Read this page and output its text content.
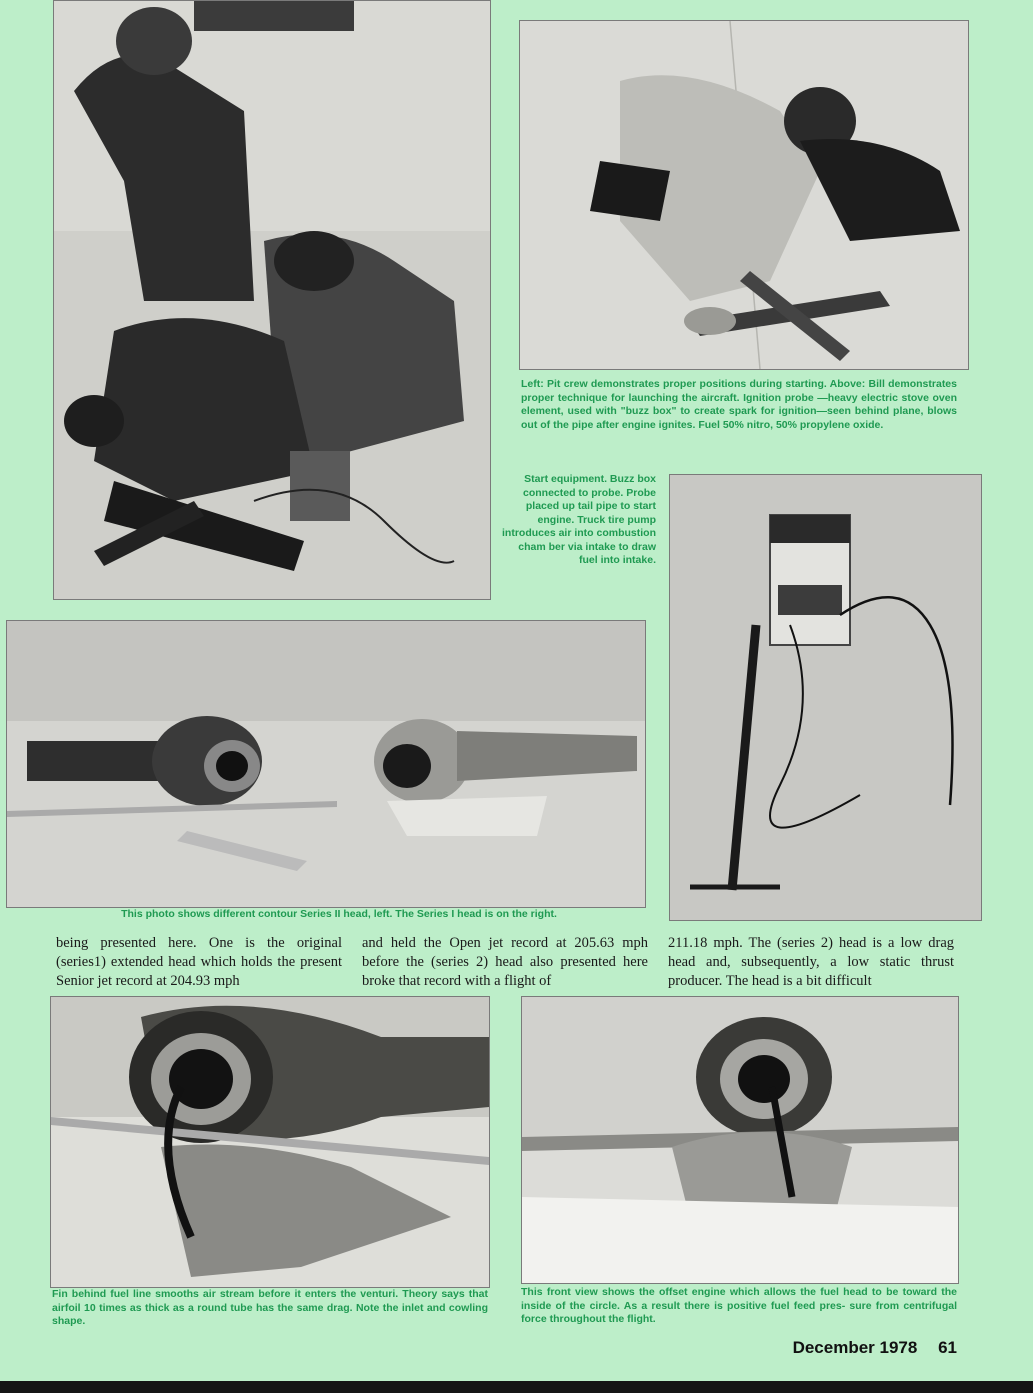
Left: Pit crew demonstrates proper positions during starting. Above: Bill demonstrates proper technique for launching the aircraft. Ignition probe —heavy electric stove oven element, used with "buzz box" to create spark for ignition—seen behind plane, blows out of the pipe after engine ignites. Fuel 50% nitro, 50% propylene oxide.

Start equipment. Buzz box connected to probe. Probe placed up tail pipe to start engine. Truck tire pump introduces air into combustion cham ber via intake to draw fuel into intake.

This photo shows different contour Series II head, left. The Series I head is on the right.

being presented here. One is the original (series1) extended head which holds the present Senior jet record at 204.93 mph

and held the Open jet record at 205.63 mph before the (series 2) head also presented here broke that record with a flight of

211.18 mph. The (series 2) head is a low drag head and, subsequently, a low static thrust producer. The head is a bit difficult

Fin behind fuel line smooths air stream before it enters the venturi. Theory says that airfoil 10 times as thick as a round tube has the same drag. Note the inlet and cowling shape.

This front view shows the offset engine which allows the fuel head to be toward the inside of the circle. As a result there is positive fuel feed pres- sure from centrifugal force throughout the flight.

December 1978 61
